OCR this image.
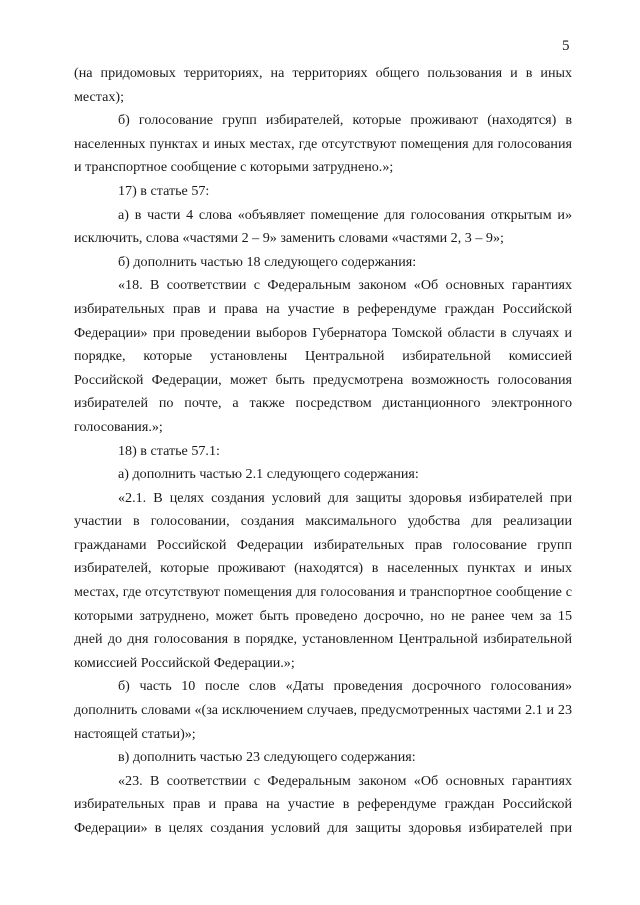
5

(на придомовых территориях, на территориях общего пользования и в иных местах);

б) голосование групп избирателей, которые проживают (находятся) в населенных пунктах и иных местах, где отсутствуют помещения для голосования и транспортное сообщение с которыми затруднено.»;

17) в статье 57:

а) в части 4 слова «объявляет помещение для голосования открытым и» исключить, слова «частями 2 – 9» заменить словами «частями 2, 3 – 9»;

б) дополнить частью 18 следующего содержания:

«18. В соответствии с Федеральным законом «Об основных гарантиях избирательных прав и права на участие в референдуме граждан Российской Федерации» при проведении выборов Губернатора Томской области в случаях и порядке, которые установлены Центральной избирательной комиссией Российской Федерации, может быть предусмотрена возможность голосования избирателей по почте, а также посредством дистанционного электронного голосования.»;

18) в статье 57.1:

а) дополнить частью 2.1 следующего содержания:

«2.1. В целях создания условий для защиты здоровья избирателей при участии в голосовании, создания максимального удобства для реализации гражданами Российской Федерации избирательных прав голосование групп избирателей, которые проживают (находятся) в населенных пунктах и иных местах, где отсутствуют помещения для голосования и транспортное сообщение с которыми затруднено, может быть проведено досрочно, но не ранее чем за 15 дней до дня голосования в порядке, установленном Центральной избирательной комиссией Российской Федерации.»;

б) часть 10 после слов «Даты проведения досрочного голосования» дополнить словами «(за исключением случаев, предусмотренных частями 2.1 и 23 настоящей статьи)»;

в) дополнить частью 23 следующего содержания:

«23. В соответствии с Федеральным законом «Об основных гарантиях избирательных прав и права на участие в референдуме граждан Российской Федерации» в целях создания условий для защиты здоровья избирателей при
